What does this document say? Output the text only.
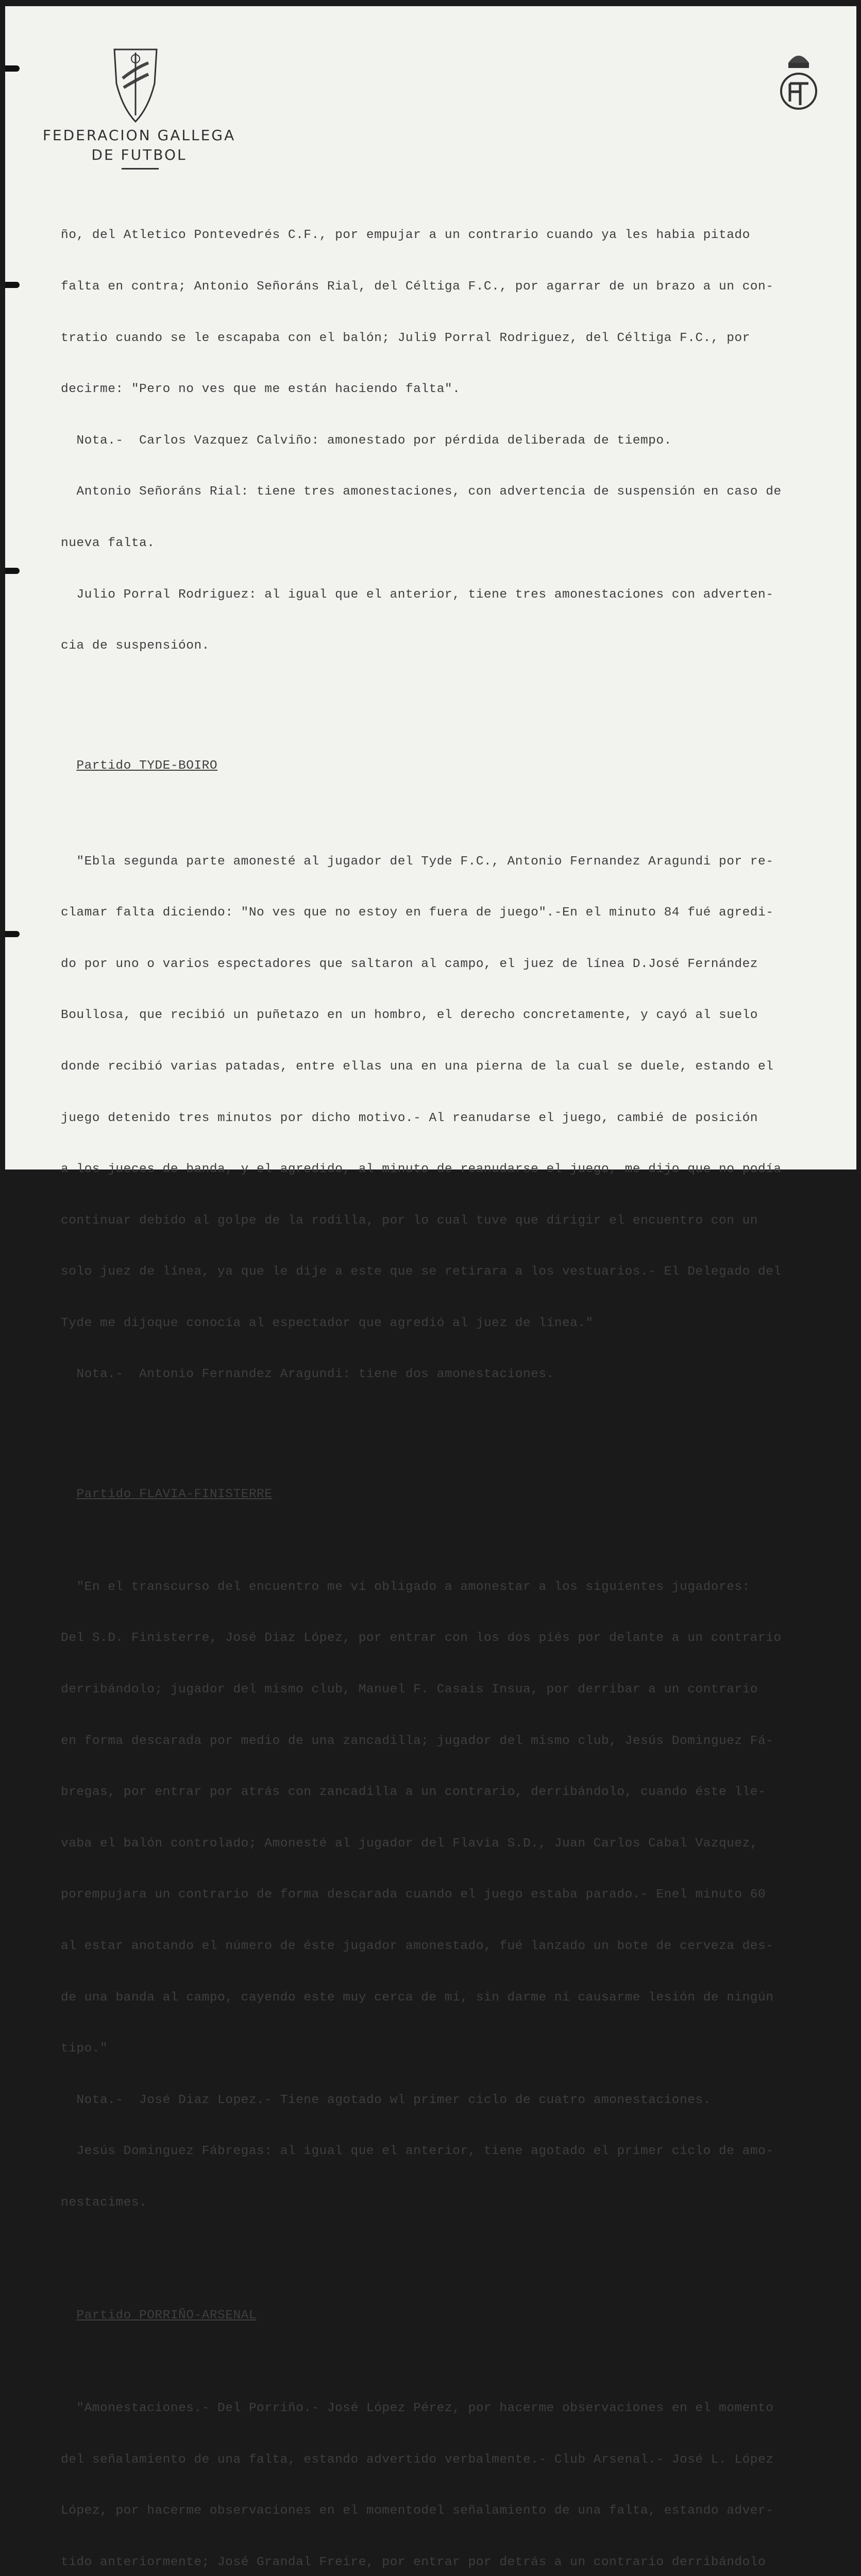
FEDERACION GALLEGA
DE FUTBOL

ño, del Atletico Pontevedrés C.F., por empujar a un contrario cuando ya les habia pitado

falta en contra; Antonio Señoráns Rial, del Céltiga F.C., por agarrar de un brazo a un con-

tratio cuando se le escapaba con el balón; Juli9 Porral Rodriguez, del Céltiga F.C., por

decirme: "Pero no ves que me están haciendo falta".

Nota.-  Carlos Vazquez Calviño: amonestado por pérdida deliberada de tiempo.

Antonio Señoráns Rial: tiene tres amonestaciones, con advertencia de suspensión en caso de

nueva falta.

Julio Porral Rodriguez: al igual que el anterior, tiene tres amonestaciones con adverten-

cia de suspensióon.

Partido TYDE-BOIRO

"Ebla segunda parte amonesté al jugador del Tyde F.C., Antonio Fernandez Aragundi por re-

clamar falta diciendo: "No ves que no estoy en fuera de juego".-En el minuto 84 fué agredi-

do por uno o varios espectadores que saltaron al campo, el juez de línea D.José Fernández

Boullosa, que recibió un puñetazo en un hombro, el derecho concretamente, y cayó al suelo

donde recibió varias patadas, entre ellas una en una pierna de la cual se duele, estando el

juego detenido tres minutos por dicho motivo.- Al reanudarse el juego, cambié de posición

a los jueces de banda, y el agredido, al minuto de reanudarse el juego, me dijo que no podía

continuar debido al golpe de la rodilla, por lo cual tuve que dirigir el encuentro con un

solo juez de línea, ya que le dije a este que se retirara a los vestuarios.- El Delegado del

Tyde me dijoque conocía al espectador que agredió al juez de línea."

Nota.-  Antonio Fernandez Aragundi: tiene dos amonestaciones.

Partido FLAVIA-FINISTERRE

"En el transcurso del encuentro me ví obligado a amonestar a los siguientes jugadores:

Del S.D. Finisterre, José Diaz López, por entrar con los dos piés por delante a un contrario

derribándolo; jugador del mismo club, Manuel F. Casais Insua, por derribar a un contrario

en forma descarada por medio de una zancadilla; jugador del mismo club, Jesús Dominguez Fá-

bregas, por entrar por atrás con zancadilla a un contrario, derribándolo, cuando éste lle-

vaba el balón controlado; Amonesté al jugador del Flavia S.D., Juan Carlos Cabal Vazquez,

porempujara un contrario de forma descarada cuando el juego estaba parado.- Enel minuto 60

al estar anotando el número de éste jugador amonestado, fué lanzado un bote de cerveza des-

de una banda al campo, cayendo este muy cerca de mi, sin darme ni causarme lesión de ningún

tipo."

Nota.-  José Diaz Lopez.- Tiene agotado wl primer ciclo de cuatro amonestaciones.

Jesús Dominguez Fábregas: al igual que el anterior, tiene agotado el primer ciclo de amo-

nestacimes.

Partido PORRIÑO-ARSENAL

"Amonestaciones.- Del Porriño.- José López Pérez, por hacerme observaciones en el momento

del señalamiento de una falta, estando advertido verbalmente.- Club Arsenal.- José L. López

López, por hacerme observaciones en el momentodel señalamiento de una falta, estando adver-

tido anteriormente; José Grandal Freire, por entrar por detrás a un contrario derribándolo
